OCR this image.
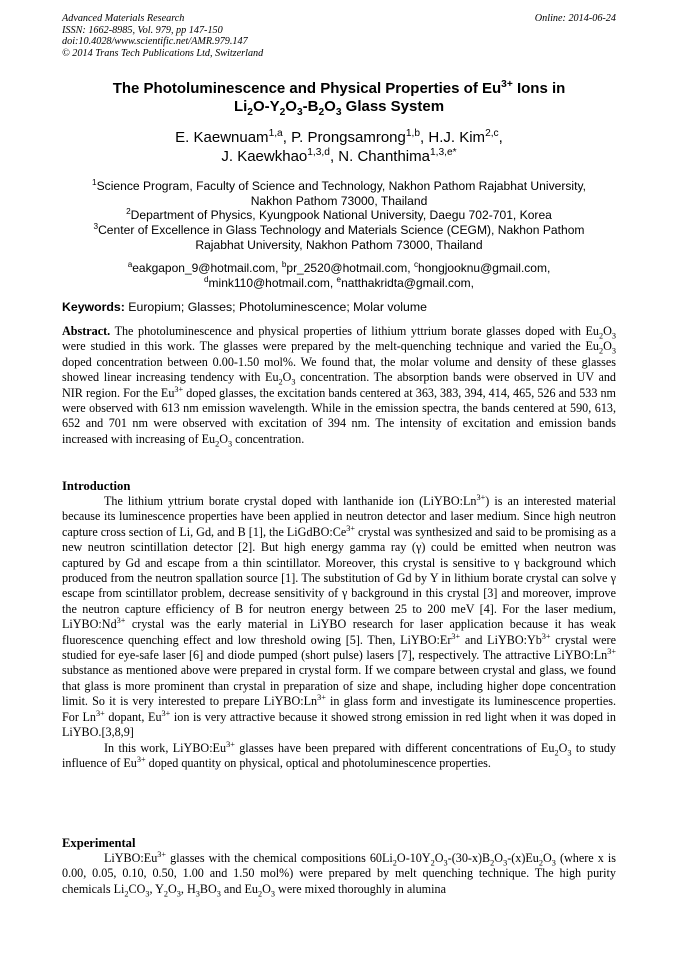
Advanced Materials Research
ISSN: 1662-8985, Vol. 979, pp 147-150
doi:10.4028/www.scientific.net/AMR.979.147
© 2014 Trans Tech Publications Ltd, Switzerland
Online: 2014-06-24
The Photoluminescence and Physical Properties of $Eu^{3+}$ Ions in
$Li_2O-Y_2O_3-B_2O_3$ Glass System
E. Kaewnuam$^{1,a}$, P. Prongsamrong$^{1,b}$, H.J. Kim$^{2,c}$,
J. Kaewkhao$^{1,3,d}$, N. Chanthima$^{1,3,e*}$
$^1$Science Program, Faculty of Science and Technology, Nakhon Pathom Rajabhat University,
Nakhon Pathom 73000, Thailand
$^2$Department of Physics, Kyungpook National University, Daegu 702-701, Korea
$^3$Center of Excellence in Glass Technology and Materials Science (CEGM), Nakhon Pathom
Rajabhat University, Nakhon Pathom 73000, Thailand
$^a$eakgapon_9@hotmail.com, $^b$pr_2520@hotmail.com, $^c$hongjooknu@gmail.com,
$^d$mink110@hotmail.com, $^e$natthakridta@gmail.com,
Keywords: Europium; Glasses; Photoluminescence; Molar volume

Abstract. The photoluminescence and physical properties of lithium yttrium borate glasses doped with $Eu_2O_3$ were studied in this work. The glasses were prepared by the melt-quenching technique and varied the $Eu_2O_3$ doped concentration between 0.00-1.50 mol%. We found that, the molar volume and density of these glasses showed linear increasing tendency with $Eu_2O_3$ concentration. The absorption bands were observed in UV and NIR region. For the $Eu^{3+}$ doped glasses, the excitation bands centered at 363, 383, 394, 414, 465, 526 and 533 nm were observed with 613 nm emission wavelength. While in the emission spectra, the bands centered at 590, 613, 652 and 701 nm were observed with excitation of 394 nm. The intensity of excitation and emission bands increased with increasing of $Eu_2O_3$ concentration.

Introduction

The lithium yttrium borate crystal doped with lanthanide ion $(LiYBO:Ln^{3+})$ is an interested material because its luminescence properties have been applied in neutron detector and laser medium. Since high neutron capture cross section of Li, Gd, and B [1], the $LiGdBO:Ce^{3+}$ crystal was synthesized and said to be promising as a new neutron scintillation detector [2]. But high energy gamma ray (γ) could be emitted when neutron was captured by Gd and escape from a thin scintillator. Moreover, this crystal is sensitive to γ background which produced from the neutron spallation source [1]. The substitution of Gd by Y in lithium borate crystal can solve γ escape from scintillator problem, decrease sensitivity of γ background in this crystal [3] and moreover, improve the neutron capture efficiency of B for neutron energy between 25 to 200 meV [4]. For the laser medium, $LiYBO:Nd^{3+}$ crystal was the early material in LiYBO research for laser application because it has weak fluorescence quenching effect and low threshold owing [5]. Then, $LiYBO:Er^{3+}$ and $LiYBO:Yb^{3+}$ crystal were studied for eye-safe laser [6] and diode pumped (short pulse) lasers [7], respectively. The attractive $LiYBO:Ln^{3+}$ substance as mentioned above were prepared in crystal form. If we compare between crystal and glass, we found that glass is more prominent than crystal in preparation of size and shape, including higher dope concentration limit. So it is very interested to prepare $LiYBO:Ln^{3+}$ in glass form and investigate its luminescence properties. For $Ln^{3+}$ dopant, $Eu^{3+}$ ion is very attractive because it showed strong emission in red light when it was doped in LiYBO.[3,8,9]

In this work, $LiYBO:Eu^{3+}$ glasses have been prepared with different concentrations of $Eu_2O_3$ to study influence of $Eu^{3+}$ doped quantity on physical, optical and photoluminescence properties.

Experimental

$LiYBO:Eu^{3+}$ glasses with the chemical compositions $60Li_2O-10Y_2O_3-(30-x)B_2O_3-(x)Eu_2O_3$ (where x is 0.00, 0.05, 0.10, 0.50, 1.00 and 1.50 mol%) were prepared by melt quenching technique. The high purity chemicals $Li_2CO_3$, $Y_2O_3$, $H_3BO_3$ and $Eu_2O_3$ were mixed thoroughly in alumina
